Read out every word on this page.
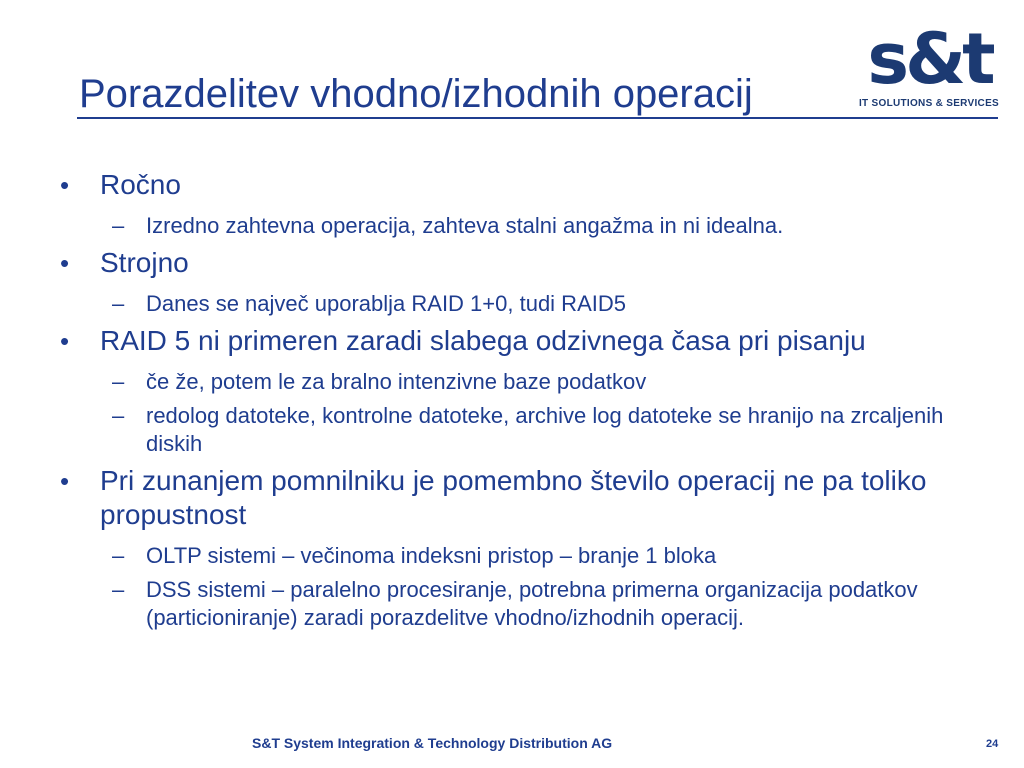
Porazdelitev vhodno/izhodnih operacij s&t
IT SOLUTIONS & SERVICES
• Ročno
– Izredno zahtevna operacija, zahteva stalni angažma in ni idealna.
• Strojno
– Danes se največ uporablja RAID 1+0, tudi RAID5
• RAID 5 ni primeren zaradi slabega odzivnega časa pri pisanju
– če že, potem le za bralno intenzivne baze podatkov
– redolog datoteke, kontrolne datoteke, archive log datoteke se hranijo na zrcaljenih diskih
• Pri zunanjem pomnilniku je pomembno število operacij ne pa toliko propustnost
– OLTP sistemi – večinoma indeksni pristop – branje 1 bloka
– DSS sistemi – paralelno procesiranje, potrebna primerna organizacija podatkov (particioniranje) zaradi porazdelitve vhodno/izhodnih operacij.
S&T System Integration & Technology Distribution AG	24
